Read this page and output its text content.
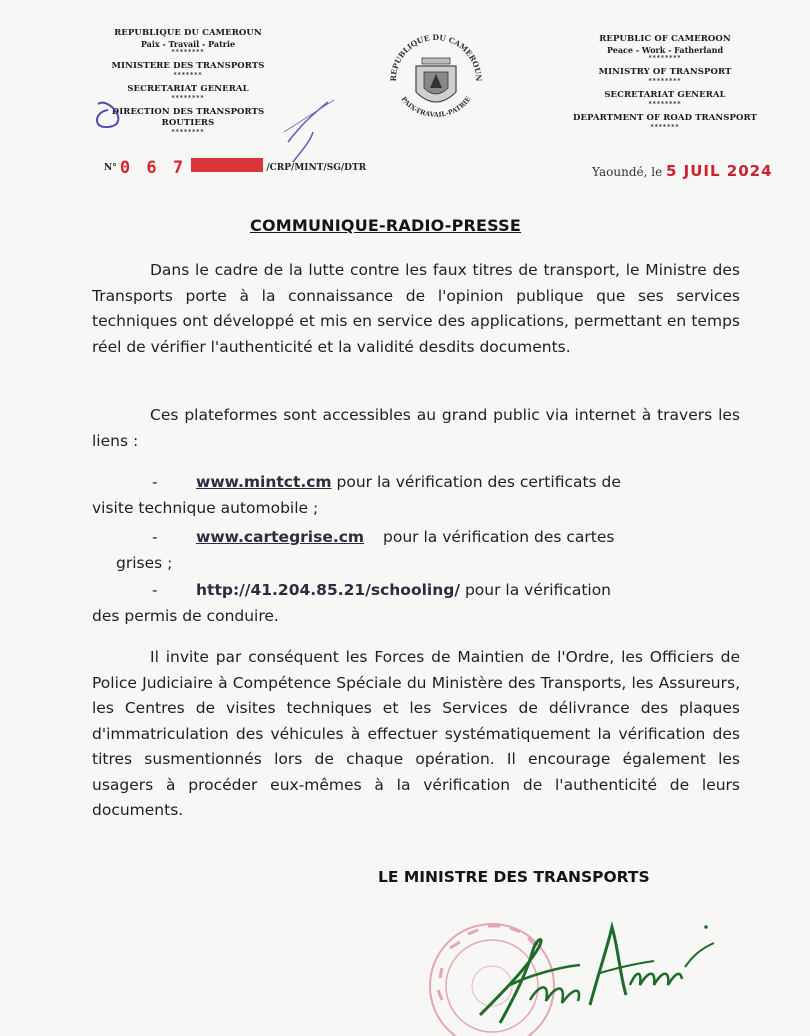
REPUBLIQUE DU CAMEROUN
Paix - Travail - Patrie
********
MINISTERE DES TRANSPORTS
*******
SECRETARIAT GENERAL
********
DIRECTION DES TRANSPORTS ROUTIERS
********
N° 0 6 7	/CRP/MINT/SG/DTR
REPUBLIQUE DU CAMEROUN
PAIX-TRAVAIL-PATRIE
REPUBLIC OF CAMEROON
Peace - Work - Fatherland
********
MINISTRY OF TRANSPORT
********
SECRETARIAT GENERAL
********
DEPARTMENT OF ROAD TRANSPORT
*******
Yaoundé, le 5 JUIL 2024
COMMUNIQUE-RADIO-PRESSE
Dans le cadre de la lutte contre les faux titres de transport, le Ministre des Transports porte à la connaissance de l'opinion publique que ses services techniques ont développé et mis en service des applications, permettant en temps réel de vérifier l'authenticité et la validité desdits documents.
Ces plateformes sont accessibles au grand public via internet à travers les liens :
- www.mintct.cm pour la vérification des certificats de
visite technique automobile ;
- www.cartegrise.cm pour la vérification des cartes
grises ;
- http://41.204.85.21/schooling/ pour la vérification
des permis de conduire.
Il invite par conséquent les Forces de Maintien de l'Ordre, les Officiers de Police Judiciaire à Compétence Spéciale du Ministère des Transports, les Assureurs, les Centres de visites techniques et les Services de délivrance des plaques d'immatriculation des véhicules à effectuer systématiquement la vérification des titres susmentionnés lors de chaque opération. Il encourage également les usagers à procéder eux-mêmes à la vérification de l'authenticité de leurs documents.
LE MINISTRE DES TRANSPORTS
